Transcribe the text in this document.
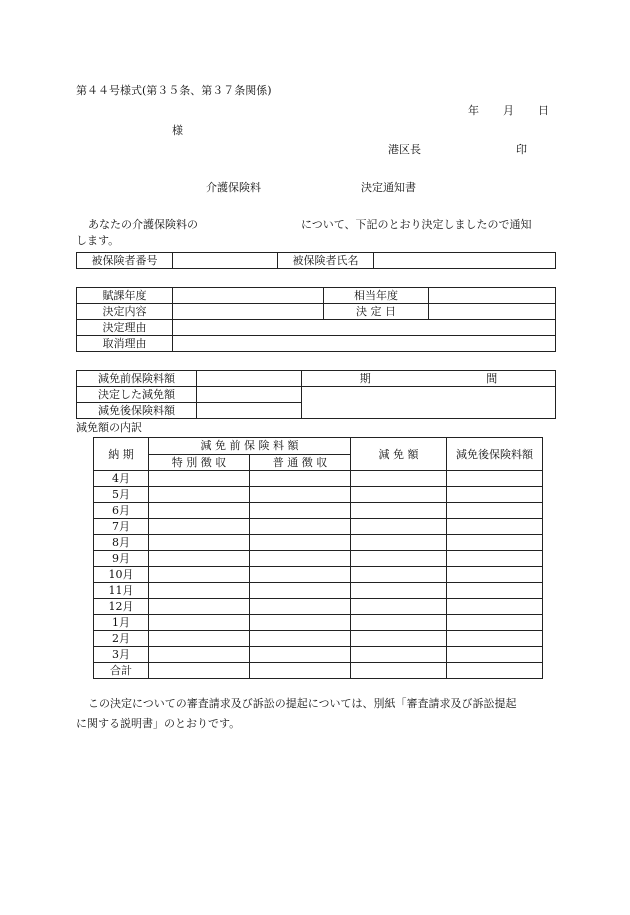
第４４号様式(第３５条、第３７条関係)
年 月 日
様
港区長	印
介護保険料	決定通知書
あなたの介護保険料の	について、下記のとおり決定しましたので通知
します。
被保険者番号		被保険者氏名	
賦課年度		相当年度	
決定内容		決 定 日	
決定理由			
取消理由			
減免前保険料額		期 間
決定した減免額		
減免後保険料額		
減免額の内訳
納 期	減 免 前 保 険 料 額		減 免 額	減免後保険料額
	特 別 徴 収	普 通 徴 収		
4月				
5月				
6月				
7月				
8月				
9月				
10月				
11月				
12月				
1月				
2月				
3月				
合計				
この決定についての審査請求及び訴訟の提起については、別紙「審査請求及び訴訟提起
に関する説明書」のとおりです。
